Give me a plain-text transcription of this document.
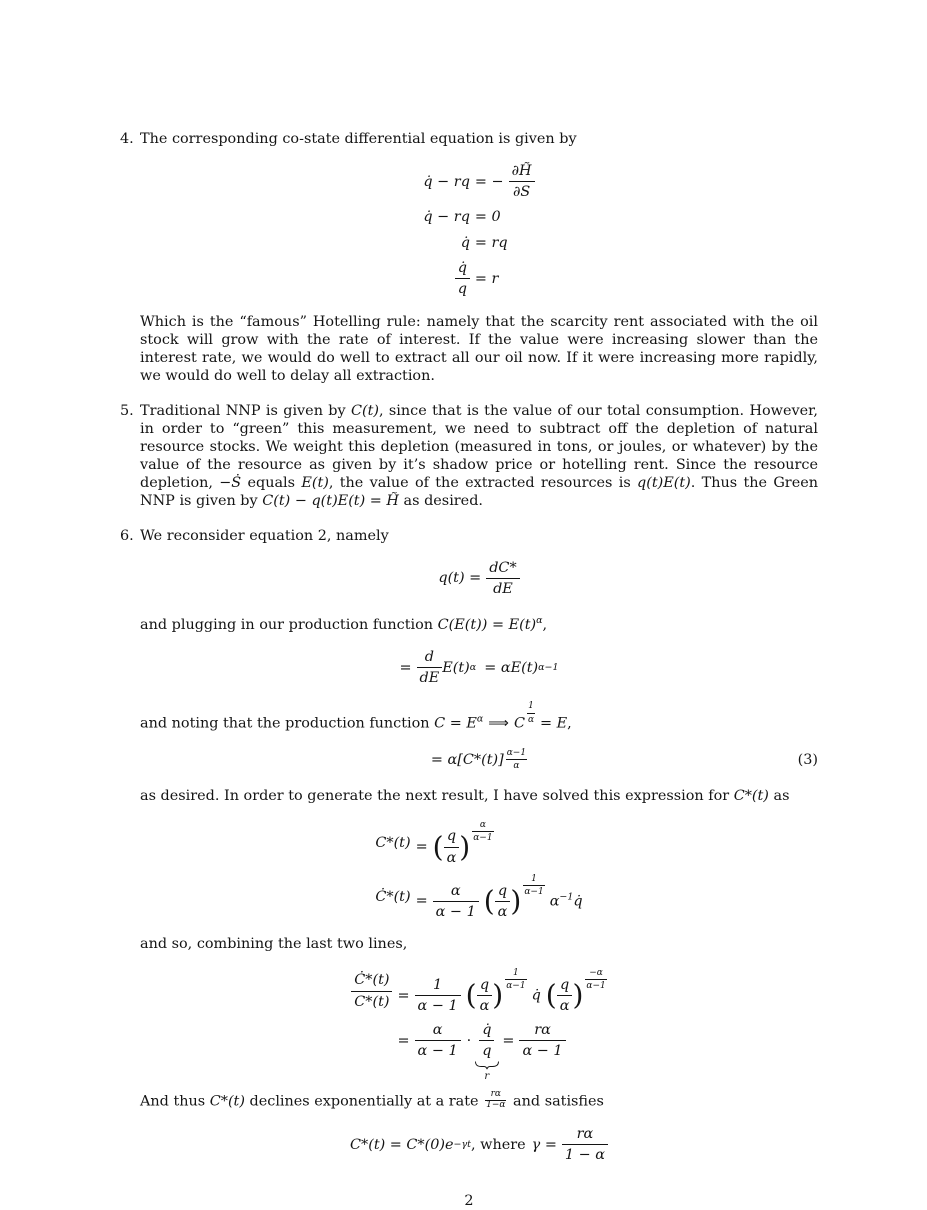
4. The corresponding co-state differential equation is given by

q̇ − rq = − $\frac{\partial H̃}{\partial S}$
q̇ − rq = 0
q̇ = rq
$\frac{q̇}{q} = r$

Which is the “famous” Hotelling rule: namely that the scarcity rent associated with the oil stock will grow with the rate of interest. If the value were increasing slower than the interest rate, we would do well to extract all our oil now. If it were increasing more rapidly, we would do well to delay all extraction.

5. Traditional NNP is given by C(t), since that is the value of our total consumption. However, in order to “green” this measurement, we need to subtract off the depletion of natural resource stocks. We weight this depletion (measured in tons, or joules, or whatever) by the value of the resource as given by it’s shadow price or hotelling rent. Since the resource depletion, −Ṡ equals E(t), the value of the extracted resources is q(t)E(t). Thus the Green NNP is given by C(t) − q(t)E(t) = H̃ as desired.

6. We reconsider equation 2, namely

$q(t) = \frac{dC*}{dE}$

and plugging in our production function $C(E(t)) = E(t)^\alpha$,

= $\frac{d}{dE} E(t) \alpha = \alpha E(t)$ α−1

and noting that the production function $C = E^\alpha$ ⟹ C $\frac{1}{\alpha} = E$,

= $\alpha[C*(t)] \frac{\alpha-1}{\alpha}$	(3)

as desired. In order to generate the next result, I have solved this expression for C*(t) as

C*(t) = ( $\frac{q}{\alpha}$ ) $\frac{\alpha}{\alpha-1}$
Ċ*(t) = $\frac{\alpha}{\alpha - 1}$ ( $\frac{q}{\alpha}$ ) $\frac{1}{\alpha-1}$
$\alpha^{-1}q̇$

and so, combining the last two lines,

$\frac{Ċ*(t)}{C*(t)} = \frac{1}{\alpha - 1}$ ( $\frac{q}{\alpha}$ ) $\frac{1}{\alpha-1}$
q̇ ( $\frac{q}{\alpha}$ ) $\frac{-\alpha}{\alpha-1}$
= $\frac{\alpha}{\alpha - 1} \cdot \frac{q̇}{q}$
r
= $\frac{r\alpha}{\alpha - 1}$

And thus C*(t) declines exponentially at a rate $\frac{r\alpha}{1-\alpha}$ and satisfies

C*(t) = C*(0)e −γt , where $\gamma = \frac{r\alpha}{1 - \alpha}$
2
